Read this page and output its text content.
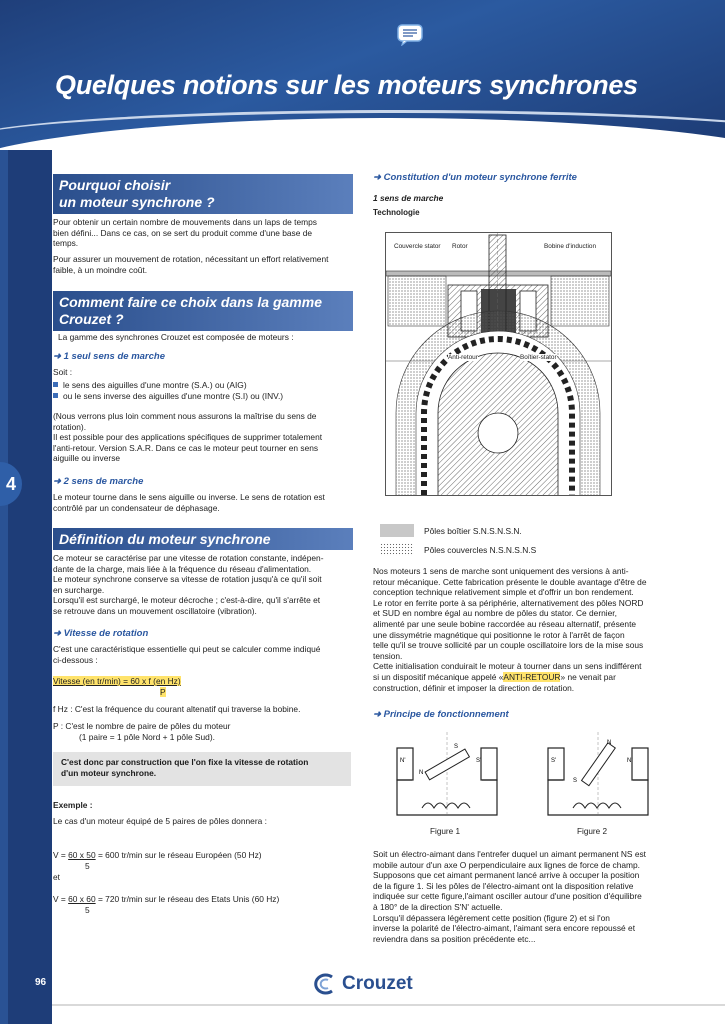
Quelques notions sur les moteurs synchrones
4
96	Crouzet
Pourquoi choisir
un moteur synchrone ?
Pour obtenir un certain nombre de mouvements dans un laps de temps
bien défini... Dans ce cas, on se sert du produit comme d'une base de
temps.
Pour assurer un mouvement de rotation, nécessitant un effort relativement
faible, à un moindre coût.
Comment faire ce choix dans la gamme
Crouzet ?
La gamme des synchrones Crouzet est composée de moteurs :
➜ 1 seul sens de marche
Soit :
le sens des aiguilles d'une montre (S.A.) ou (AIG)
ou le sens inverse des aiguilles d'une montre (S.I) ou (INV.)
(Nous verrons plus loin comment nous assurons la maîtrise du sens de
rotation).
Il est possible pour des applications spécifiques de supprimer totalement
l'anti-retour. Version S.A.R. Dans ce cas le moteur peut tourner en sens
aiguille ou inverse
➜ 2 sens de marche
Le moteur tourne dans le sens aiguille ou inverse. Le sens de rotation est
contrôlé par un condensateur de déphasage.
Définition du moteur synchrone
Ce moteur se caractérise par une vitesse de rotation constante, indépen-
dante de la charge, mais liée à la fréquence du réseau d'alimentation.
Le moteur synchrone conserve sa vitesse de rotation jusqu'à ce qu'il soit
en surcharge.
Lorsqu'il est surchargé, le moteur décroche ; c'est-à-dire, qu'il s'arrête et
se retrouve dans un mouvement oscillatoire (vibration).
➜ Vitesse de rotation
C'est une caractéristique essentielle qui peut se calculer comme indiqué
ci-dessous :
Vitesse (en tr/min) = 60 x f (en Hz)
P
f Hz : C'est la fréquence du courant altenatif qui traverse la bobine.
P : C'est le nombre de paire de pôles du moteur
(1 paire = 1 pôle Nord + 1 pôle Sud).
C'est donc par construction que l'on fixe la vitesse de rotation
d'un moteur synchrone.
Exemple :
Le cas d'un moteur équipé de 5 paires de pôles donnera :
V = 60 x 50 = 600 tr/min sur le réseau Européen (50 Hz)
5
et
V = 60 x 60 = 720 tr/min sur le réseau des Etats Unis (60 Hz)
5
➜ Constitution d'un moteur synchrone ferrite
1 sens de marche
Technologie
Couvercle stator Rotor	Bobine d'induction
Anti-retour	Boîtier-stator
Pôles boîtier S.N.S.N.S.N.
Pôles couvercles N.S.N.S.N.S
Nos moteurs 1 sens de marche sont uniquement des versions à anti-
retour mécanique. Cette fabrication présente le double avantage d'être de
conception technique relativement simple et d'offrir un bon rendement.
Le rotor en ferrite porte à sa périphérie, alternativement des pôles NORD
et SUD en nombre égal au nombre de pôles du stator. Ce dernier,
alimenté par une seule bobine raccordée au réseau alternatif, présente
une dissymétrie magnétique qui positionne le rotor à l'arrêt de façon
telle qu'il se trouve sollicité par un couple oscillatoire lors de la mise sous
tension.
Cette initialisation conduirait le moteur à tourner dans un sens indifférent
si un dispositif mécanique appelé «ANTI-RETOUR» ne venait par
construction, définir et imposer la direction de rotation.
➜ Principe de fonctionnement
S
N
N'	S'
N
S
S'	N'
Figure 1	Figure 2
Soit un électro-aimant dans l'entrefer duquel un aimant permanent NS est
mobile autour d'un axe O perpendiculaire aux lignes de force de champ.
Supposons que cet aimant permanent lancé arrive à occuper la position
de la figure 1. Si les pôles de l'électro-aimant ont la disposition relative
indiquée sur cette figure,l'aimant osciller autour d'une position d'équilibre
à 180° de la direction S'N' actuelle.
Lorsqu'il dépassera légèrement cette position (figure 2) et si l'on
inverse la polarité de l'électro-aimant, l'aimant sera encore repoussé et
reviendra dans sa position précédente etc...
